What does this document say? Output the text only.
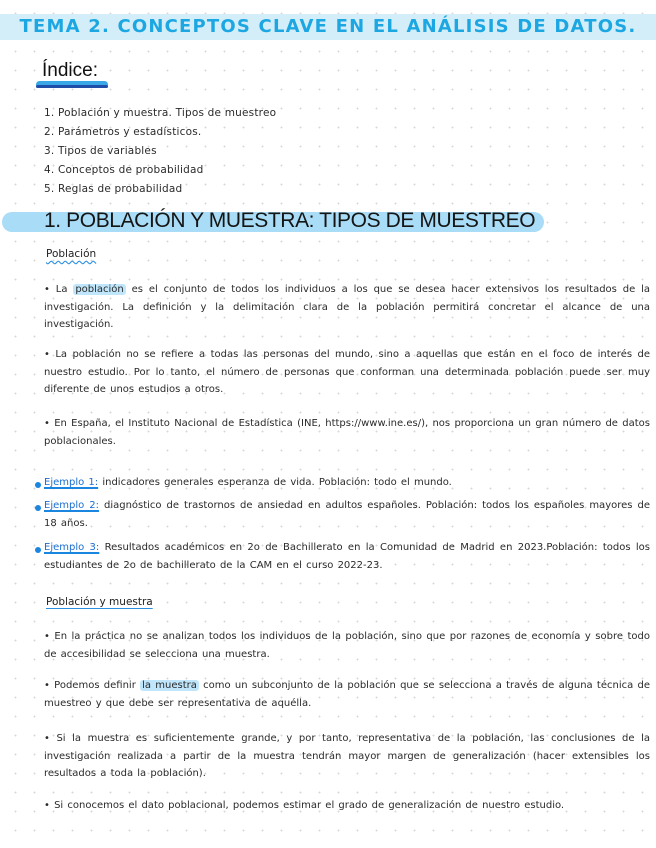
TEMA 2. CONCEPTOS CLAVE EN EL ANÁLISIS DE DATOS.
Índice:
1. Población y muestra. Tipos de muestreo
2. Parámetros y estadísticos.
3. Tipos de variables
4. Conceptos de probabilidad
5. Reglas de probabilidad
1. POBLACIÓN Y MUESTRA: TIPOS DE MUESTREO
Población
• La población es el conjunto de todos los individuos a los que se desea hacer extensivos los resultados de la investigación. La definición y la delimitación clara de la población permitirá concretar el alcance de una investigación.
• La población no se refiere a todas las personas del mundo, sino a aquellas que están en el foco de interés de nuestro estudio. Por lo tanto, el número de personas que conforman una determinada población puede ser muy diferente de unos estudios a otros.
• En España, el Instituto Nacional de Estadística (INE, https://www.ine.es/), nos proporciona un gran número de datos poblacionales.
Ejemplo 1: indicadores generales esperanza de vida. Población: todo el mundo.
Ejemplo 2: diagnóstico de trastornos de ansiedad en adultos españoles. Población: todos los españoles mayores de 18 años.
Ejemplo 3: Resultados académicos en 2o de Bachillerato en la Comunidad de Madrid en 2023.Población: todos los estudiantes de 2o de bachillerato de la CAM en el curso 2022-23.
Población y muestra
• En la práctica no se analizan todos los individuos de la población, sino que por razones de economía y sobre todo de accesibilidad se selecciona una muestra.
• Podemos definir la muestra como un subconjunto de la población que se selecciona a través de alguna técnica de muestreo y que debe ser representativa de aquélla.
• Si la muestra es suficientemente grande, y por tanto, representativa de la población, las conclusiones de la investigación realizada a partir de la muestra tendrán mayor margen de generalización (hacer extensibles los resultados a toda la población).
• Si conocemos el dato poblacional, podemos estimar el grado de generalización de nuestro estudio.
